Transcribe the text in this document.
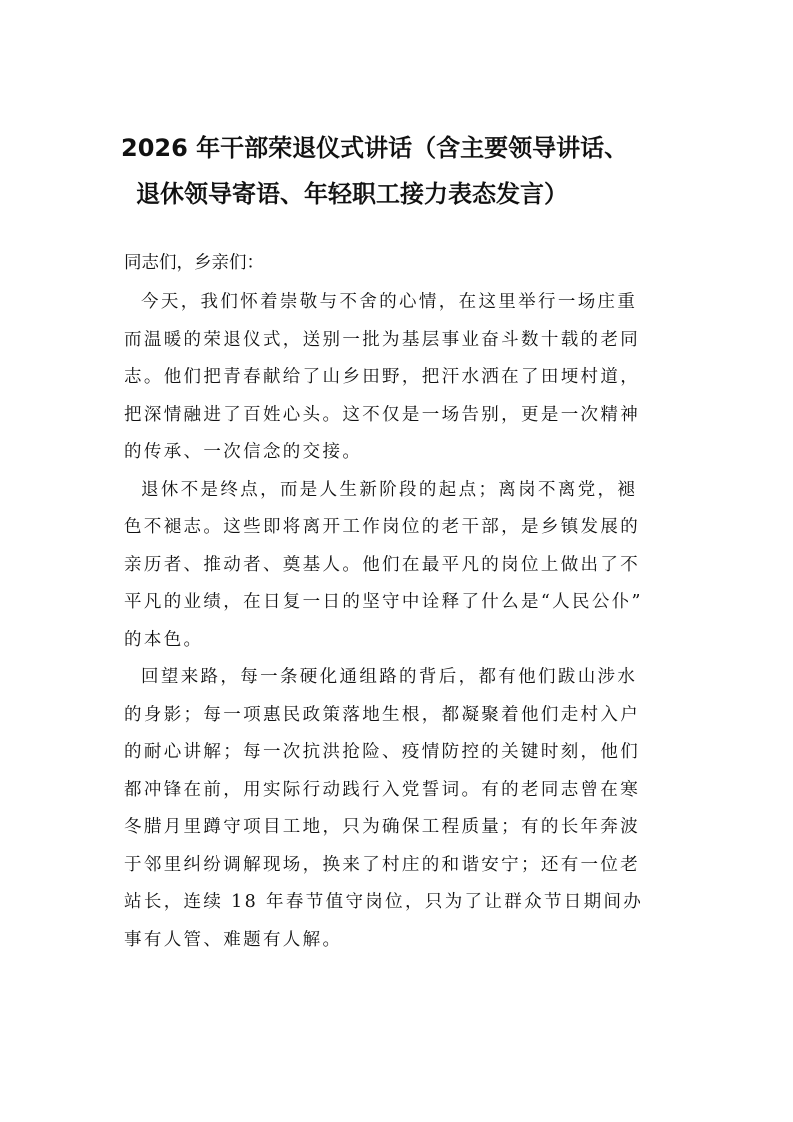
2026 年干部荣退仪式讲话（含主要领导讲话、
退休领导寄语、年轻职工接力表态发言）
同志们，乡亲们：
今天，我们怀着崇敬与不舍的心情，在这里举行一场庄重
而温暖的荣退仪式，送别一批为基层事业奋斗数十载的老同
志。他们把青春献给了山乡田野，把汗水洒在了田埂村道，
把深情融进了百姓心头。这不仅是一场告别，更是一次精神
的传承、一次信念的交接。
退休不是终点，而是人生新阶段的起点；离岗不离党，褪
色不褪志。这些即将离开工作岗位的老干部，是乡镇发展的
亲历者、推动者、奠基人。他们在最平凡的岗位上做出了不
平凡的业绩，在日复一日的坚守中诠释了什么是“人民公仆”
的本色。
回望来路，每一条硬化通组路的背后，都有他们跋山涉水
的身影；每一项惠民政策落地生根，都凝聚着他们走村入户
的耐心讲解；每一次抗洪抢险、疫情防控的关键时刻，他们
都冲锋在前，用实际行动践行入党誓词。有的老同志曾在寒
冬腊月里蹲守项目工地，只为确保工程质量；有的长年奔波
于邻里纠纷调解现场，换来了村庄的和谐安宁；还有一位老
站长，连续 18 年春节值守岗位，只为了让群众节日期间办
事有人管、难题有人解。
